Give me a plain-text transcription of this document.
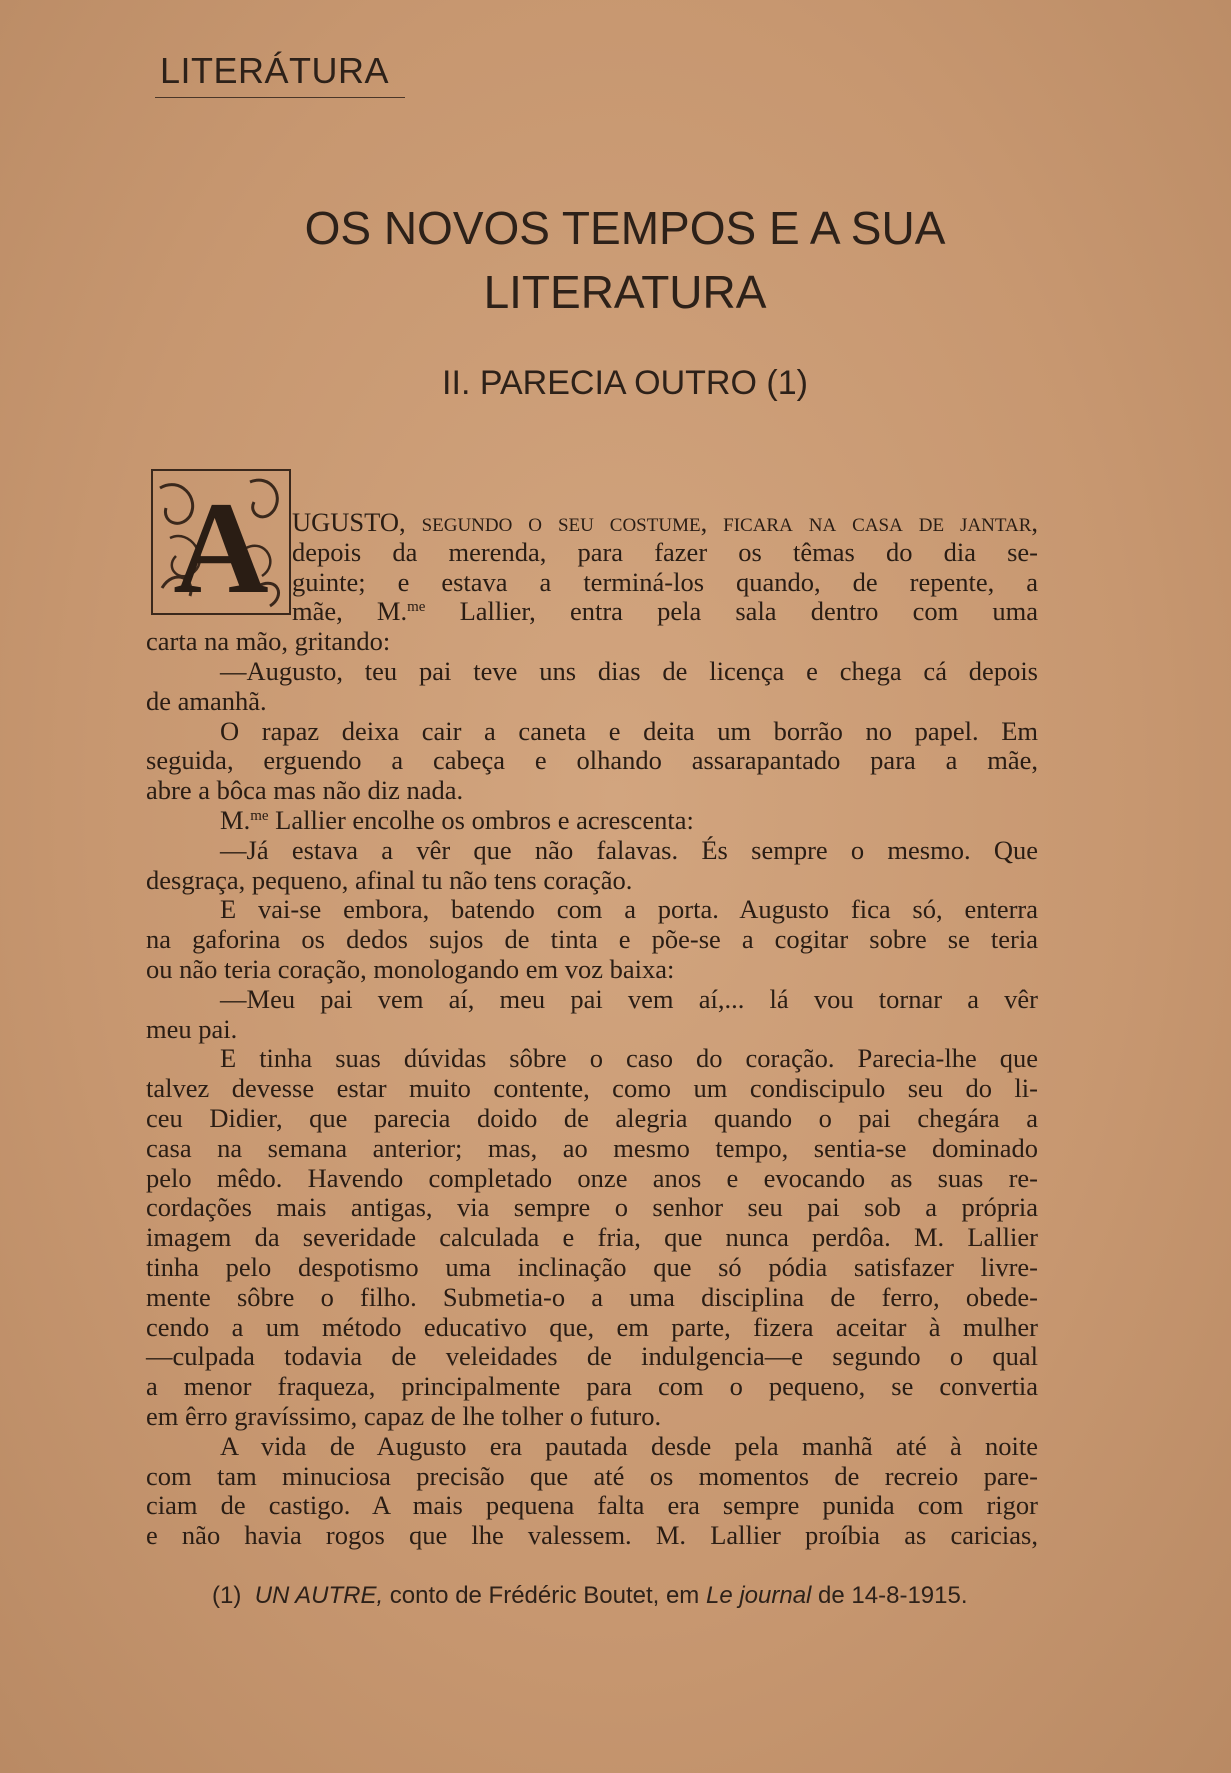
LITERÁTURA
OS NOVOS TEMPOS E A SUA
LITERATURA
II. PARECIA OUTRO (1)
A UGUSTO, segundo o seu costume, ficara na casa de jantar,
depois da merenda, para fazer os têmas do dia se-
guinte; e estava a terminá-los quando, de repente, a
mãe, M.$^{me}$ Lallier, entra pela sala dentro com uma
carta na mão, gritando:
—Augusto, teu pai teve uns dias de licença e chega cá depois
de amanhã.
O rapaz deixa cair a caneta e deita um borrão no papel. Em
seguida, erguendo a cabeça e olhando assarapantado para a mãe,
abre a bôca mas não diz nada.
M.$^{me}$ Lallier encolhe os ombros e acrescenta:
—Já estava a vêr que não falavas. És sempre o mesmo. Que
desgraça, pequeno, afinal tu não tens coração.
E vai-se embora, batendo com a porta. Augusto fica só, enterra
na gaforina os dedos sujos de tinta e põe-se a cogitar sobre se teria
ou não teria coração, monologando em voz baixa:
—Meu pai vem aí, meu pai vem aí,... lá vou tornar a vêr
meu pai.
E tinha suas dúvidas sôbre o caso do coração. Parecia-lhe que
talvez devesse estar muito contente, como um condiscipulo seu do li-
ceu Didier, que parecia doido de alegria quando o pai chegára a
casa na semana anterior; mas, ao mesmo tempo, sentia-se dominado
pelo mêdo. Havendo completado onze anos e evocando as suas re-
cordações mais antigas, via sempre o senhor seu pai sob a própria
imagem da severidade calculada e fria, que nunca perdôa. M. Lallier
tinha pelo despotismo uma inclinação que só pódia satisfazer livre-
mente sôbre o filho. Submetia-o a uma disciplina de ferro, obede-
cendo a um método educativo que, em parte, fizera aceitar à mulher
—culpada todavia de veleidades de indulgencia—e segundo o qual
a menor fraqueza, principalmente para com o pequeno, se convertia
em êrro gravíssimo, capaz de lhe tolher o futuro.
A vida de Augusto era pautada desde pela manhã até à noite
com tam minuciosa precisão que até os momentos de recreio pare-
ciam de castigo. A mais pequena falta era sempre punida com rigor
e não havia rogos que lhe valessem. M. Lallier proíbia as caricias,
(1) UN AUTRE, conto de Frédéric Boutet, em Le journal de 14-8-1915.
